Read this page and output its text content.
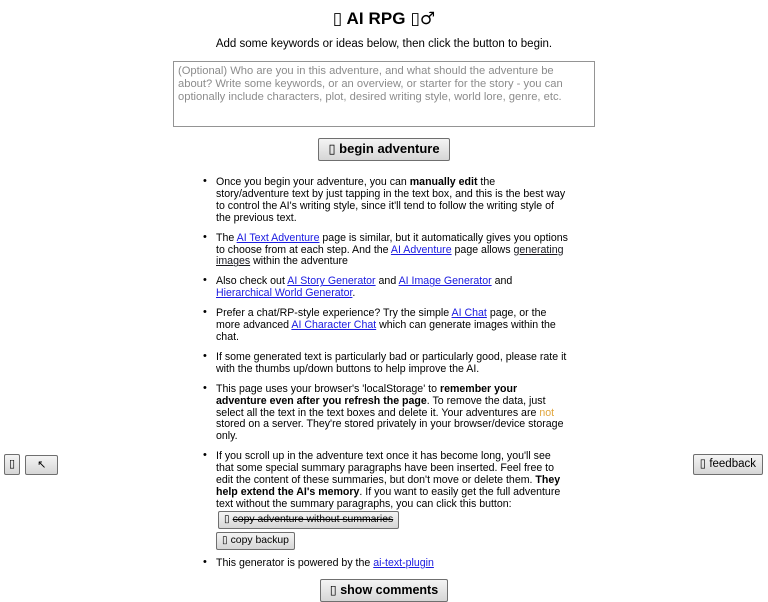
▯ AI RPG ▯♂

Add some keywords or ideas below, then click the button to begin.

(Optional) Who are you in this adventure, and what should the adventure be about? Write some keywords, or an overview, or starter for the story - you can optionally include characters, plot, desired writing style, world lore, genre, etc.
▯ begin adventure
• Once you begin your adventure, you can manually edit the story/adventure text by just tapping in the text box, and this is the best way to control the AI's writing style, since it'll tend to follow the writing style of the previous text.
• The AI Text Adventure page is similar, but it automatically gives you options to choose from at each step. And the AI Adventure page allows generating images within the adventure
• Also check out AI Story Generator and AI Image Generator and Hierarchical World Generator.
• Prefer a chat/RP-style experience? Try the simple AI Chat page, or the more advanced AI Character Chat which can generate images within the chat.
• If some generated text is particularly bad or particularly good, please rate it with the thumbs up/down buttons to help improve the AI.
• This page uses your browser's 'localStorage' to remember your adventure even after you refresh the page. To remove the data, just select all the text in the text boxes and delete it. Your adventures are not stored on a server. They're stored privately in your browser/device storage only.
• If you scroll up in the adventure text once it has become long, you'll see that some special summary paragraphs have been inserted. Feel free to edit the content of these summaries, but don't move or delete them. They help extend the AI's memory. If you want to easily get the full adventure text without the summary paragraphs, you can click this button:▯ copy adventure without summaries
▯ copy backup
• This generator is powered by the ai-text-plugin
▯ show comments
▯	↖	▯ feedback
